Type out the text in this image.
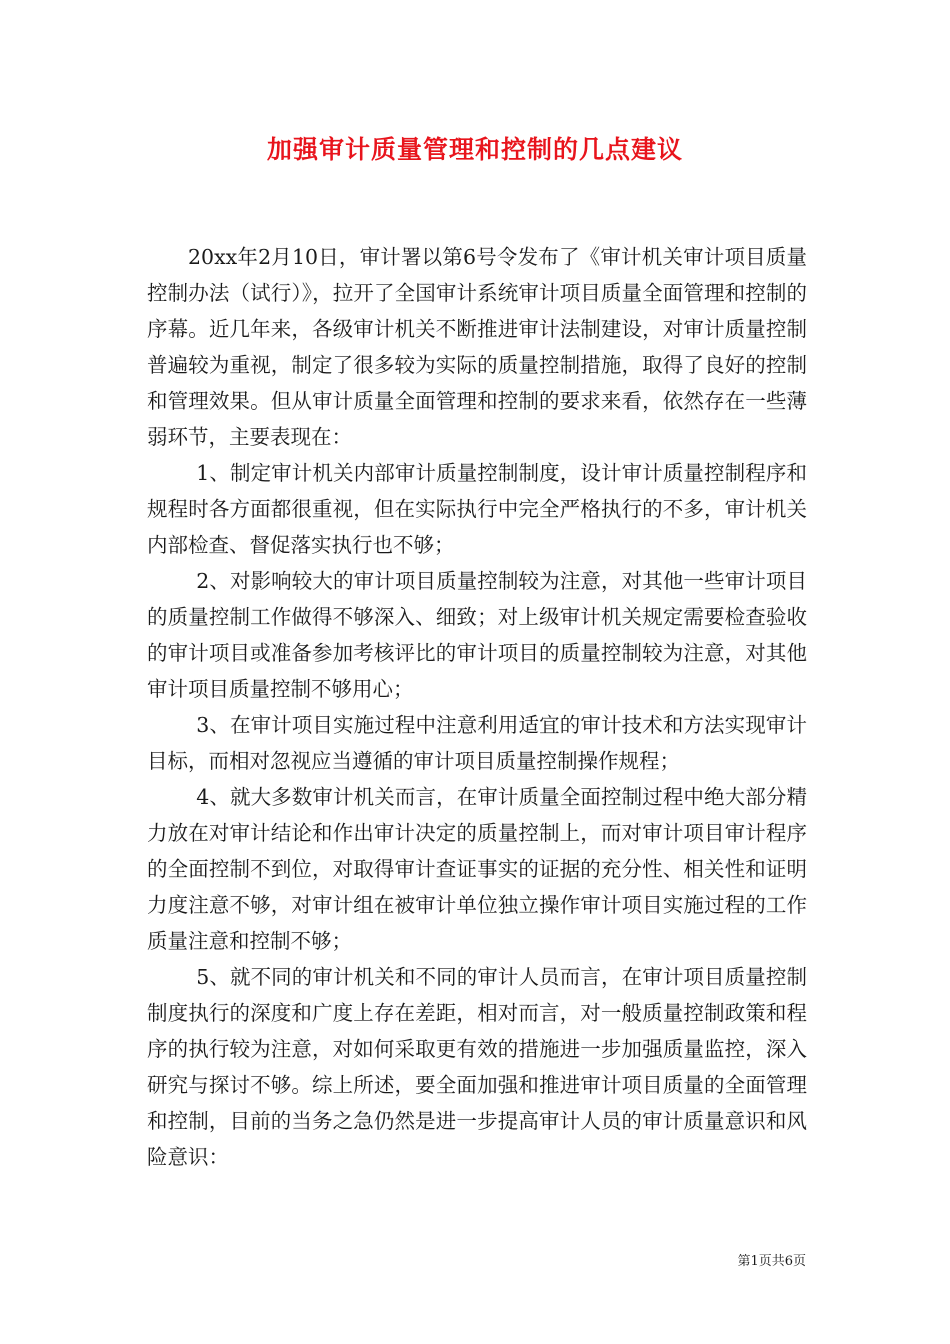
加强审计质量管理和控制的几点建议

20xx年2月10日，审计署以第6号令发布了《审计机关审计项目质量控制办法（试行）》，拉开了全国审计系统审计项目质量全面管理和控制的序幕。近几年来，各级审计机关不断推进审计法制建设，对审计质量控制普遍较为重视，制定了很多较为实际的质量控制措施，取得了良好的控制和管理效果。但从审计质量全面管理和控制的要求来看，依然存在一些薄弱环节，主要表现在：

1、制定审计机关内部审计质量控制制度，设计审计质量控制程序和规程时各方面都很重视，但在实际执行中完全严格执行的不多，审计机关内部检查、督促落实执行也不够；

2、对影响较大的审计项目质量控制较为注意，对其他一些审计项目的质量控制工作做得不够深入、细致；对上级审计机关规定需要检查验收的审计项目或准备参加考核评比的审计项目的质量控制较为注意，对其他审计项目质量控制不够用心；

3、在审计项目实施过程中注意利用适宜的审计技术和方法实现审计目标，而相对忽视应当遵循的审计项目质量控制操作规程；

4、就大多数审计机关而言，在审计质量全面控制过程中绝大部分精力放在对审计结论和作出审计决定的质量控制上，而对审计项目审计程序的全面控制不到位，对取得审计查证事实的证据的充分性、相关性和证明力度注意不够，对审计组在被审计单位独立操作审计项目实施过程的工作质量注意和控制不够；

5、就不同的审计机关和不同的审计人员而言，在审计项目质量控制制度执行的深度和广度上存在差距，相对而言，对一般质量控制政策和程序的执行较为注意，对如何采取更有效的措施进一步加强质量监控，深入研究与探讨不够。综上所述，要全面加强和推进审计项目质量的全面管理和控制，目前的当务之急仍然是进一步提高审计人员的审计质量意识和风险意识：

第1页共6页
